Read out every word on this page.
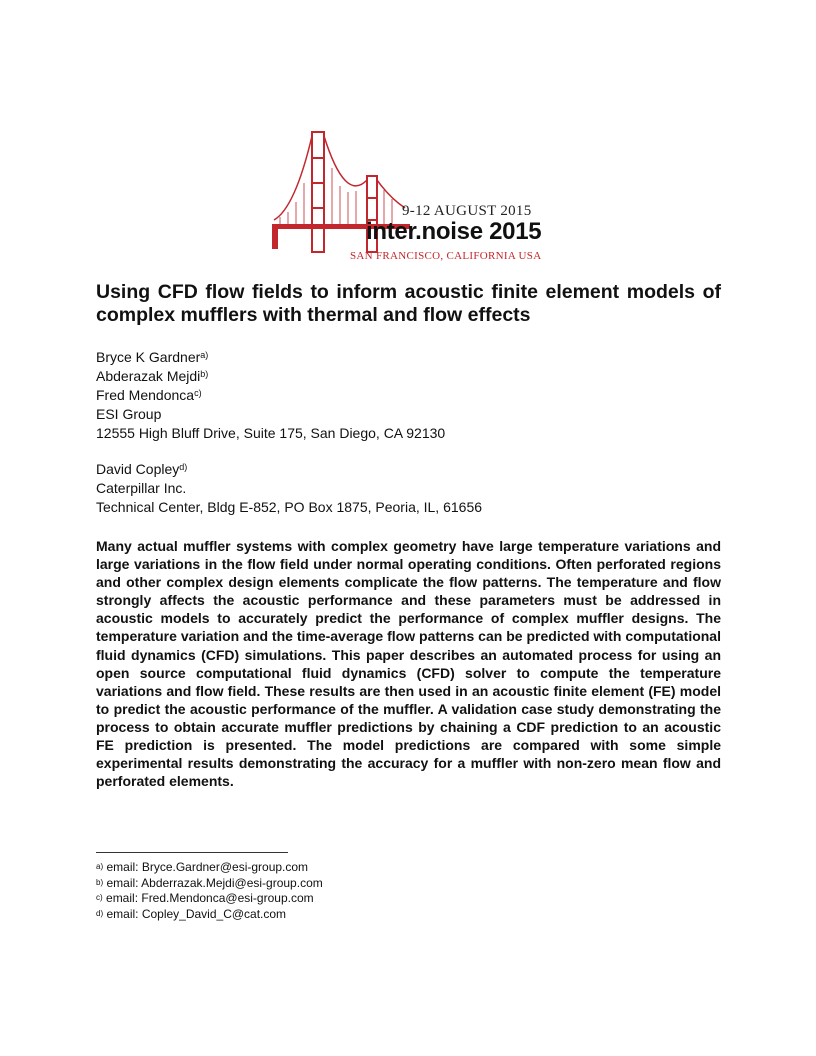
9-12 AUGUST 2015
inter.noise 2015
SAN FRANCISCO, CALIFORNIA USA
Using CFD flow fields to inform acoustic finite element models of complex mufflers with thermal and flow effects
Bryce K Gardner$^{a)}$
Abderazak Mejdi$^{b)}$
Fred Mendonca$^{c)}$
ESI Group
12555 High Bluff Drive, Suite 175, San Diego, CA 92130
David Copley$^{d)}$
Caterpillar Inc.
Technical Center, Bldg E-852, PO Box 1875, Peoria, IL, 61656

Many actual muffler systems with complex geometry have large temperature variations and large variations in the flow field under normal operating conditions. Often perforated regions and other complex design elements complicate the flow patterns. The temperature and flow strongly affects the acoustic performance and these parameters must be addressed in acoustic models to accurately predict the performance of complex muffler designs. The temperature variation and the time-average flow patterns can be predicted with computational fluid dynamics (CFD) simulations. This paper describes an automated process for using an open source computational fluid dynamics (CFD) solver to compute the temperature variations and flow field. These results are then used in an acoustic finite element (FE) model to predict the acoustic performance of the muffler. A validation case study demonstrating the process to obtain accurate muffler predictions by chaining a CDF prediction to an acoustic FE prediction is presented. The model predictions are compared with some simple experimental results demonstrating the accuracy for a muffler with non-zero mean flow and perforated elements.

$^{a)}$ email: Bryce.Gardner@esi-group.com
$^{b)}$ email: Abderrazak.Mejdi@esi-group.com
$^{c)}$ email: Fred.Mendonca@esi-group.com
$^{d)}$ email: Copley_David_C@cat.com
